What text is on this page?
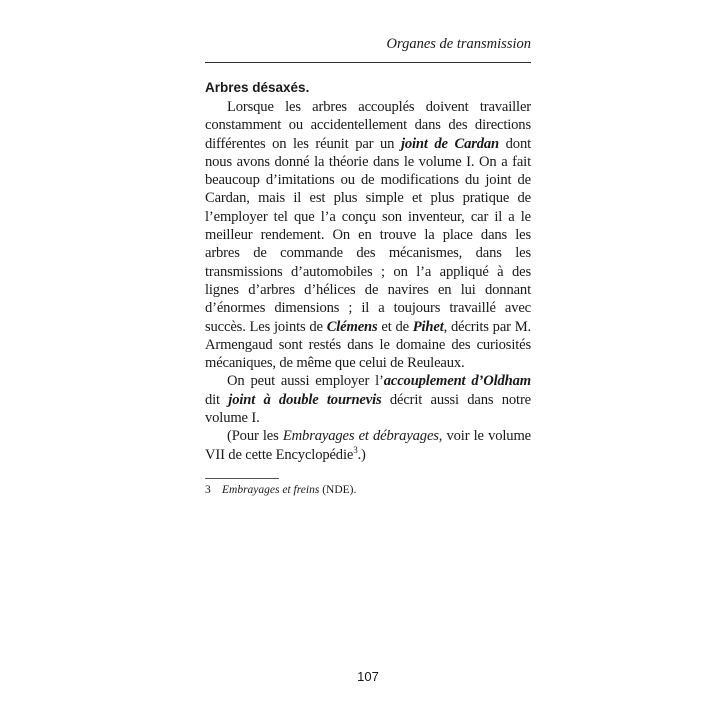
Organes de transmission
Arbres désaxés.

Lorsque les arbres accouplés doivent travailler constamment ou accidentellement dans des directions différentes on les réunit par un joint de Cardan dont nous avons donné la théorie dans le volume I. On a fait beaucoup d’imitations ou de modifications du joint de Cardan, mais il est plus simple et plus pratique de l’employer tel que l’a conçu son inventeur, car il a le meilleur rendement. On en trouve la place dans les arbres de commande des mécanismes, dans les transmissions d’automobiles ; on l’a appliqué à des lignes d’arbres d’hélices de navires en lui donnant d’énormes dimensions ; il a toujours travaillé avec succès. Les joints de Clémens et de Pihet, décrits par M. Armengaud sont restés dans le domaine des curiosités mécaniques, de même que celui de Reuleaux.

On peut aussi employer l’accouplement d’Oldham dit joint à double tournevis décrit aussi dans notre volume I.

(Pour les Embrayages et débrayages, voir le volume VII de cette Encyclopédie$^3$.)

3 Embrayages et freins (NDE).
107
